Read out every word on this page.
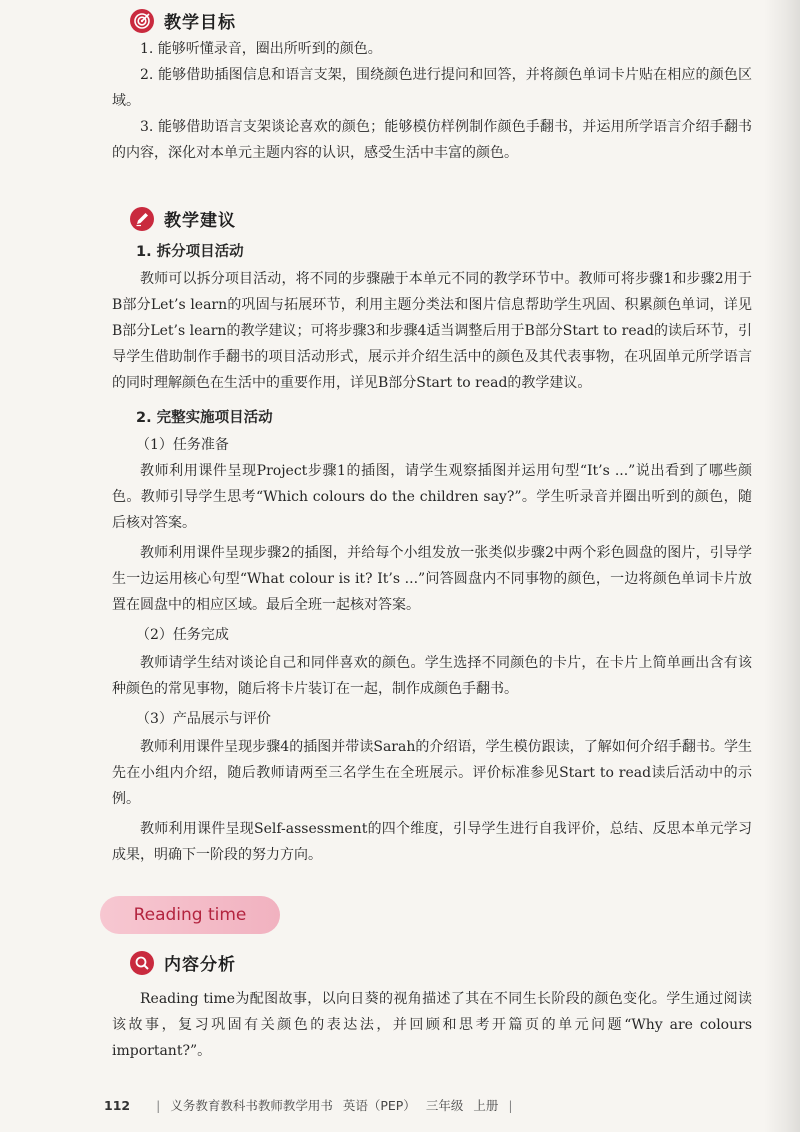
教学目标

1. 能够听懂录音，圈出所听到的颜色。

2. 能够借助插图信息和语言支架，围绕颜色进行提问和回答，并将颜色单词卡片贴在相应的颜色区域。

3. 能够借助语言支架谈论喜欢的颜色；能够模仿样例制作颜色手翻书，并运用所学语言介绍手翻书的内容，深化对本单元主题内容的认识，感受生活中丰富的颜色。

教学建议
1. 拆分项目活动

教师可以拆分项目活动，将不同的步骤融于本单元不同的教学环节中。教师可将步骤1和步骤2用于B部分Let’s learn的巩固与拓展环节，利用主题分类法和图片信息帮助学生巩固、积累颜色单词，详见B部分Let’s learn的教学建议；可将步骤3和步骤4适当调整后用于B部分Start to read的读后环节，引导学生借助制作手翻书的项目活动形式，展示并介绍生活中的颜色及其代表事物，在巩固单元所学语言的同时理解颜色在生活中的重要作用，详见B部分Start to read的教学建议。

2. 完整实施项目活动
（1）任务准备

教师利用课件呈现Project步骤1的插图，请学生观察插图并运用句型“It’s ...”说出看到了哪些颜色。教师引导学生思考“Which colours do the children say?”。学生听录音并圈出听到的颜色，随后核对答案。

教师利用课件呈现步骤2的插图，并给每个小组发放一张类似步骤2中两个彩色圆盘的图片，引导学生一边运用核心句型“What colour is it? It’s ...”问答圆盘内不同事物的颜色，一边将颜色单词卡片放置在圆盘中的相应区域。最后全班一起核对答案。

（2）任务完成

教师请学生结对谈论自己和同伴喜欢的颜色。学生选择不同颜色的卡片，在卡片上简单画出含有该种颜色的常见事物，随后将卡片装订在一起，制作成颜色手翻书。

（3）产品展示与评价

教师利用课件呈现步骤4的插图并带读Sarah的介绍语，学生模仿跟读，了解如何介绍手翻书。学生先在小组内介绍，随后教师请两至三名学生在全班展示。评价标准参见Start to read读后活动中的示例。

教师利用课件呈现Self-assessment的四个维度，引导学生进行自我评价，总结、反思本单元学习成果，明确下一阶段的努力方向。

Reading time
内容分析

Reading time为配图故事，以向日葵的视角描述了其在不同生长阶段的颜色变化。学生通过阅读该故事，复习巩固有关颜色的表达法，并回顾和思考开篇页的单元问题“Why are colours important?”。

112 | 义务教育教科书教师教学用书 英语（PEP） 三年级 上册 |
